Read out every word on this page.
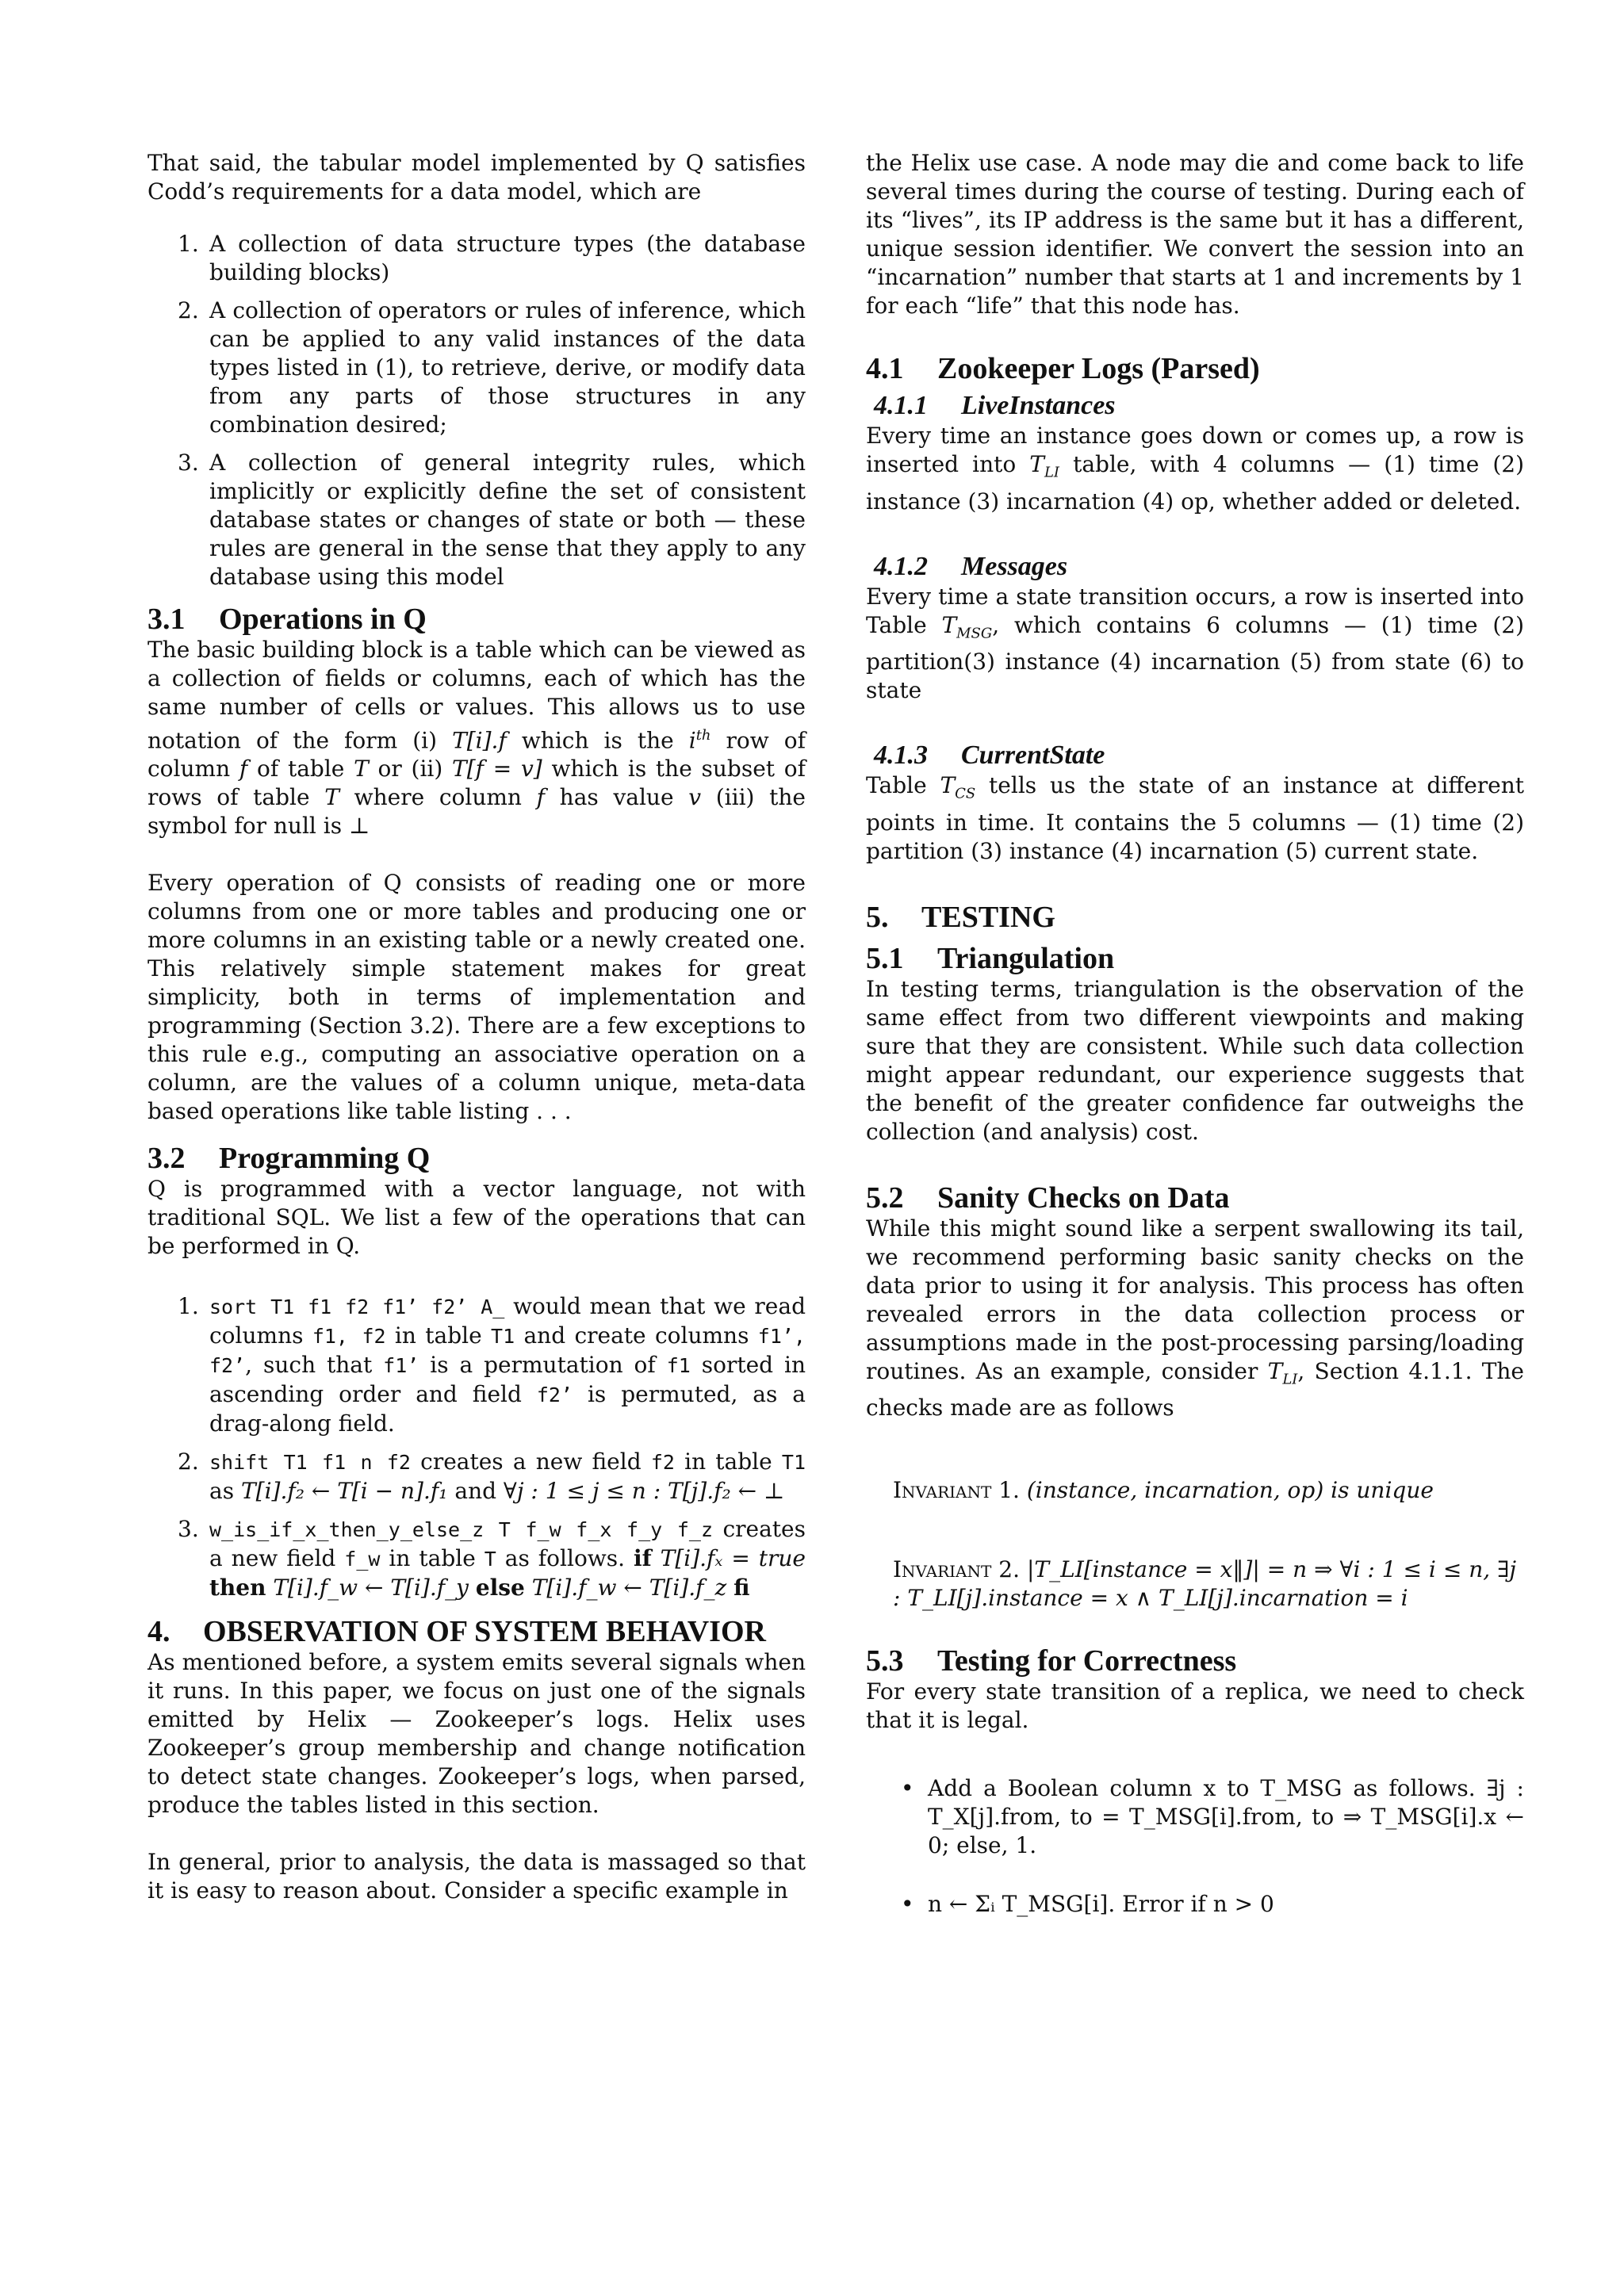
That said, the tabular model implemented by Q satisfies Codd’s requirements for a data model, which are

1. A collection of data structure types (the database building blocks)
2. A collection of operators or rules of inference, which can be applied to any valid instances of the data types listed in (1), to retrieve, derive, or modify data from any parts of those structures in any combination desired;
3. A collection of general integrity rules, which implicitly or explicitly define the set of consistent database states or changes of state or both — these rules are general in the sense that they apply to any database using this model
3.1 Operations in Q

The basic building block is a table which can be viewed as a collection of fields or columns, each of which has the same number of cells or values. This allows us to use notation of the form (i) T[i].f which is the $i^{th}$ row of column f of table T or (ii) T[f = v] which is the subset of rows of table T where column f has value v (iii) the symbol for null is ⊥

Every operation of Q consists of reading one or more columns from one or more tables and producing one or more columns in an existing table or a newly created one. This relatively simple statement makes for great simplicity, both in terms of implementation and programming (Section 3.2). There are a few exceptions to this rule e.g., computing an associative operation on a column, are the values of a column unique, meta-data based operations like table listing . . .

3.2 Programming Q

Q is programmed with a vector language, not with traditional SQL. We list a few of the operations that can be performed in Q.

1. sort T1 f1 f2 f1’ f2’ A_ would mean that we read columns f1, f2 in table T1 and create columns f1’, f2’, such that f1’ is a permutation of f1 sorted in ascending order and field f2’ is permuted, as a drag-along field.
2. shift T1 f1 n f2 creates a new field f2 in table T1 as T[i].f₂ ← T[i − n].f₁ and ∀j : 1 ≤ j ≤ n : T[j].f₂ ← ⊥
3. w_is_if_x_then_y_else_z T f_w f_x f_y f_z creates a new field f_w in table T as follows. if T[i].fₓ = true then T[i].f_w ← T[i].f_y else T[i].f_w ← T[i].f_z fi
4. OBSERVATION OF SYSTEM BEHAVIOR

As mentioned before, a system emits several signals when it runs. In this paper, we focus on just one of the signals emitted by Helix — Zookeeper’s logs. Helix uses Zookeeper’s group membership and change notification to detect state changes. Zookeeper’s logs, when parsed, produce the tables listed in this section.

In general, prior to analysis, the data is massaged so that it is easy to reason about. Consider a specific example in

the Helix use case. A node may die and come back to life several times during the course of testing. During each of its “lives”, its IP address is the same but it has a different, unique session identifier. We convert the session into an “incarnation” number that starts at 1 and increments by 1 for each “life” that this node has.

4.1 Zookeeper Logs (Parsed)
4.1.1 LiveInstances

Every time an instance goes down or comes up, a row is inserted into $T_{LI}$ table, with 4 columns — (1) time (2) instance (3) incarnation (4) op, whether added or deleted.

4.1.2 Messages

Every time a state transition occurs, a row is inserted into Table $T_{MSG}$, which contains 6 columns — (1) time (2) partition(3) instance (4) incarnation (5) from state (6) to state

4.1.3 CurrentState

Table $T_{CS}$ tells us the state of an instance at different points in time. It contains the 5 columns — (1) time (2) partition (3) instance (4) incarnation (5) current state.

5. TESTING
5.1 Triangulation

In testing terms, triangulation is the observation of the same effect from two different viewpoints and making sure that they are consistent. While such data collection might appear redundant, our experience suggests that the benefit of the greater confidence far outweighs the collection (and analysis) cost.

5.2 Sanity Checks on Data

While this might sound like a serpent swallowing its tail, we recommend performing basic sanity checks on the data prior to using it for analysis. This process has often revealed errors in the data collection process or assumptions made in the post-processing parsing/loading routines. As an example, consider $T_{LI}$, Section 4.1.1. The checks made are as follows

Invariant 1. (instance, incarnation, op) is unique

Invariant 2. |T_LI[instance = x‖]| = n ⇒ ∀i : 1 ≤ i ≤ n, ∃j : T_LI[j].instance = x ∧ T_LI[j].incarnation = i

5.3 Testing for Correctness

For every state transition of a replica, we need to check that it is legal.

• Add a Boolean column x to T_MSG as follows. ∃j : T_X[j].from, to = T_MSG[i].from, to ⇒ T_MSG[i].x ← 0; else, 1.
• n ← Σᵢ T_MSG[i]. Error if n > 0
